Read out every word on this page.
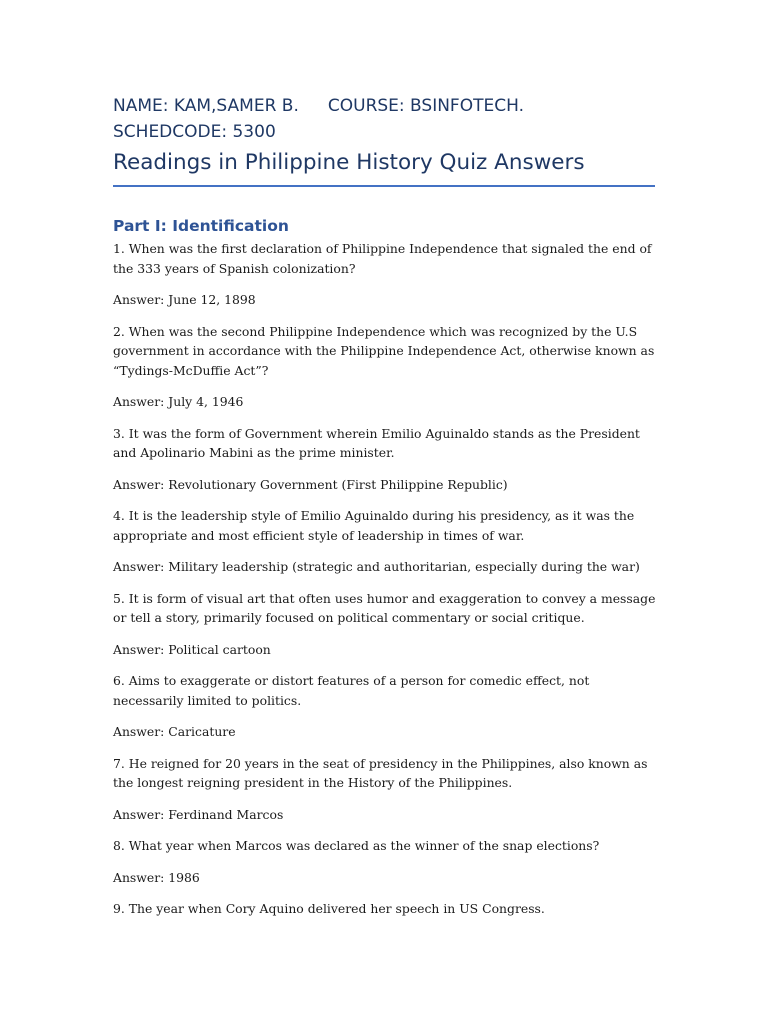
NAME: KAM,SAMER B. COURSE: BSINFOTECH.
SCHEDCODE: 5300
Readings in Philippine History Quiz Answers
Part I: Identification

1. When was the first declaration of Philippine Independence that signaled the end of the 333 years of Spanish colonization?

Answer: June 12, 1898

2. When was the second Philippine Independence which was recognized by the U.S government in accordance with the Philippine Independence Act, otherwise known as “Tydings-McDuffie Act”?

Answer: July 4, 1946

3. It was the form of Government wherein Emilio Aguinaldo stands as the President and Apolinario Mabini as the prime minister.

Answer: Revolutionary Government (First Philippine Republic)

4. It is the leadership style of Emilio Aguinaldo during his presidency, as it was the appropriate and most efficient style of leadership in times of war.

Answer: Military leadership (strategic and authoritarian, especially during the war)

5. It is form of visual art that often uses humor and exaggeration to convey a message or tell a story, primarily focused on political commentary or social critique.

Answer: Political cartoon

6. Aims to exaggerate or distort features of a person for comedic effect, not necessarily limited to politics.

Answer: Caricature

7. He reigned for 20 years in the seat of presidency in the Philippines, also known as the longest reigning president in the History of the Philippines.

Answer: Ferdinand Marcos

8. What year when Marcos was declared as the winner of the snap elections?

Answer: 1986

9. The year when Cory Aquino delivered her speech in US Congress.
